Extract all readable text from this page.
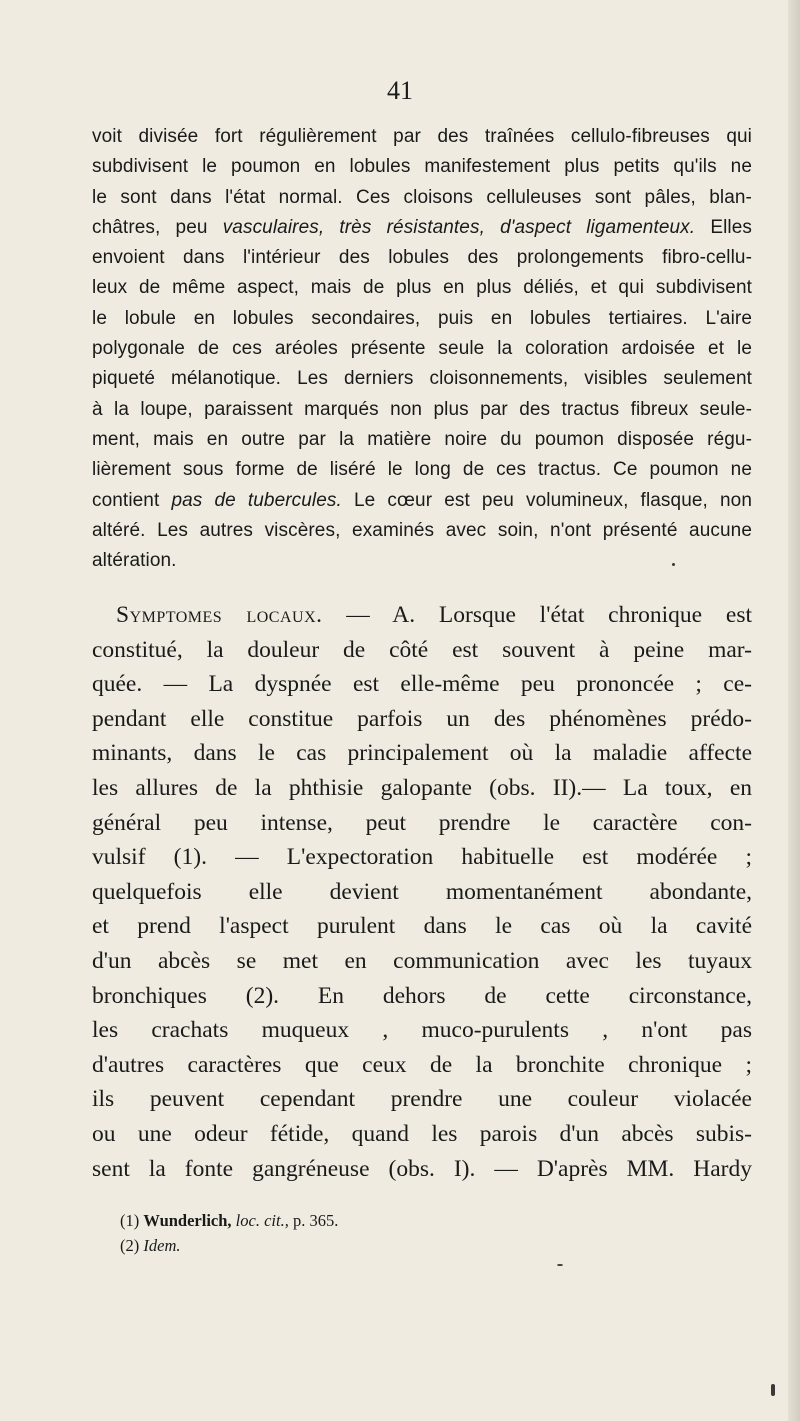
41
voit divisée fort régulièrement par des traînées cellulo-fibreuses qui
subdivisent le poumon en lobules manifestement plus petits qu'ils ne
le sont dans l'état normal. Ces cloisons celluleuses sont pâles, blan-
châtres, peu vasculaires, très résistantes, d'aspect ligamenteux. Elles
envoient dans l'intérieur des lobules des prolongements fibro-cellu-
leux de même aspect, mais de plus en plus déliés, et qui subdivisent
le lobule en lobules secondaires, puis en lobules tertiaires. L'aire
polygonale de ces aréoles présente seule la coloration ardoisée et le
piqueté mélanotique. Les derniers cloisonnements, visibles seulement
à la loupe, paraissent marqués non plus par des tractus fibreux seule-
ment, mais en outre par la matière noire du poumon disposée régu-
lièrement sous forme de liséré le long de ces tractus. Ce poumon ne
contient pas de tubercules. Le cœur est peu volumineux, flasque, non
altéré. Les autres viscères, examinés avec soin, n'ont présenté aucune
altération.
Symptomes locaux. — A. Lorsque l'état chronique est
constitué, la douleur de côté est souvent à peine mar-
quée. — La dyspnée est elle-même peu prononcée ; ce-
pendant elle constitue parfois un des phénomènes prédo-
minants, dans le cas principalement où la maladie affecte
les allures de la phthisie galopante (obs. II).— La toux, en
général peu intense, peut prendre le caractère con-
vulsif (1). — L'expectoration habituelle est modérée ;
quelquefois elle devient momentanément abondante,
et prend l'aspect purulent dans le cas où la cavité
d'un abcès se met en communication avec les tuyaux
bronchiques (2). En dehors de cette circonstance,
les crachats muqueux , muco-purulents , n'ont pas
d'autres caractères que ceux de la bronchite chronique ;
ils peuvent cependant prendre une couleur violacée
ou une odeur fétide, quand les parois d'un abcès subis-
sent la fonte gangréneuse (obs. I). — D'après MM. Hardy
(1) Wunderlich, loc. cit., p. 365.
(2) Idem.
